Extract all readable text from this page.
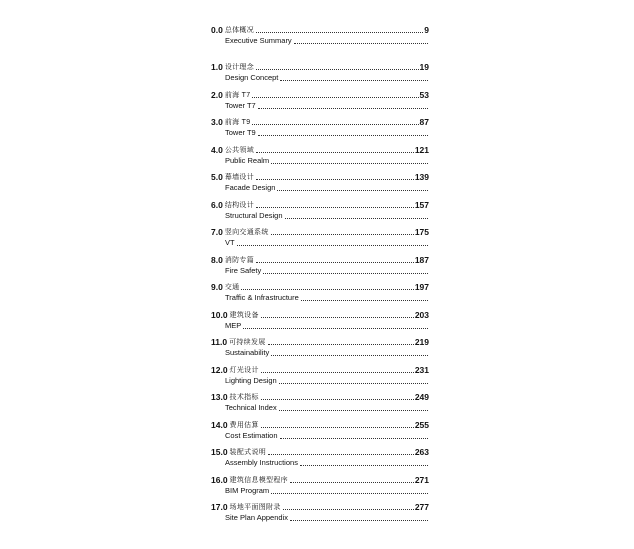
0.0 总体概况	9
Executive Summary
1.0 设计理念	19
Design Concept
2.0 前海 T7	53
Tower T7
3.0 前海 T9	87
Tower T9
4.0 公共领域	121
Public Realm
5.0 幕墙设计	139
Facade Design
6.0 结构设计	157
Structural Design
7.0 竖向交通系统	175
VT
8.0 消防专篇	187
Fire Safety
9.0 交通	197
Traffic & Infrastructure
10.0 建筑设备	203
MEP
11.0 可持续发展	219
Sustainability
12.0 灯光设计	231
Lighting Design
13.0 技术指标	249
Technical Index
14.0 费用估算	255
Cost Estimation
15.0 装配式说明	263
Assembly Instructions
16.0 建筑信息模型程序	271
BIM Program
17.0 场地平面图附录	277
Site Plan Appendix
